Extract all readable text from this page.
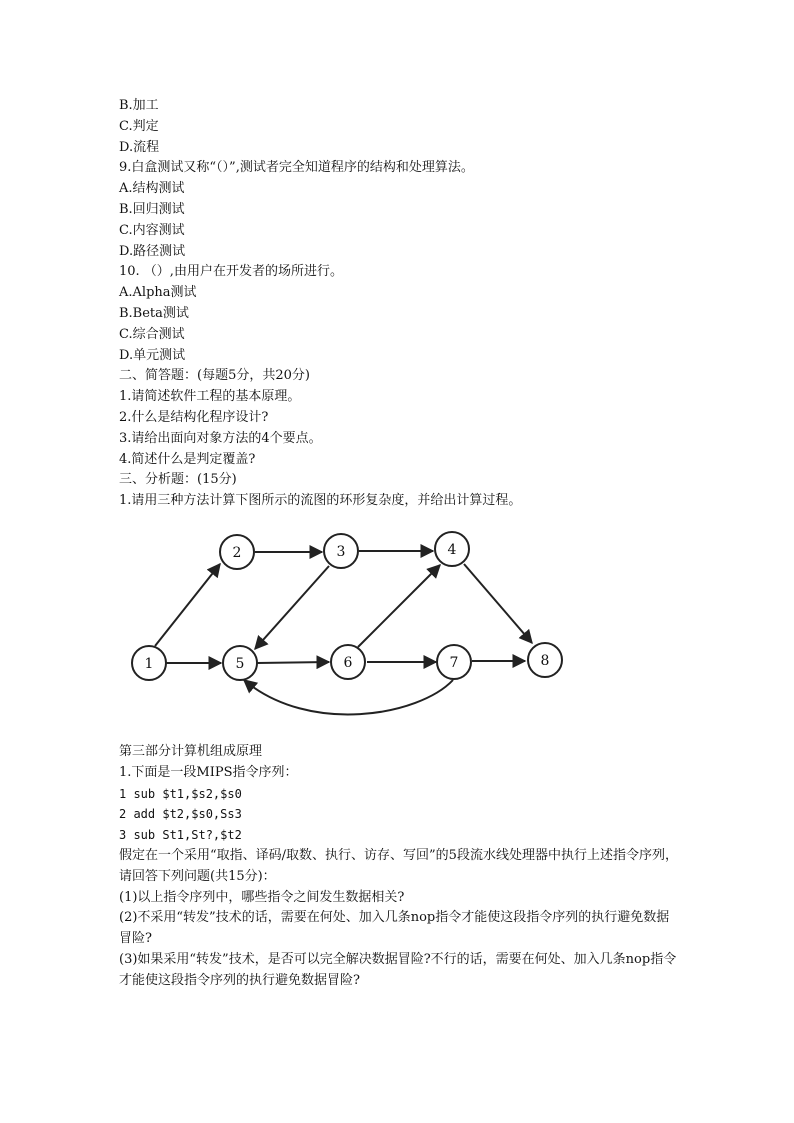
B.加工
C.判定
D.流程
9.白盒测试又称“（）”,测试者完全知道程序的结构和处理算法。
A.结构测试
B.回归测试
C.内容测试
D.路径测试
10. （）,由用户在开发者的场所进行。
A.Alpha测试
B.Beta测试
C.综合测试
D.单元测试
二、简答题：(每题5分，共20分)
1.请简述软件工程的基本原理。
2.什么是结构化程序设计?
3.请给出面向对象方法的4个要点。
4.简述什么是判定覆盖?
三、分析题：(15分)
1.请用三种方法计算下图所示的流图的环形复杂度，并给出计算过程。
1
2	3	4
5	6	7	8
第三部分计算机组成原理
1.下面是一段MIPS指令序列：
1 sub $t1,$s2,$s0
2 add $t2,$s0,Ss3
3 sub St1,St?,$t2
假定在一个采用“取指、译码/取数、执行、访存、写回”的5段流水线处理器中执行上述指令序列，请回答下列问题(共15分)：
(1)以上指令序列中，哪些指令之间发生数据相关?
(2)不采用“转发”技术的话，需要在何处、加入几条nop指令才能使这段指令序列的执行避免数据冒险?
(3)如果采用“转发”技术，是否可以完全解决数据冒险?不行的话，需要在何处、加入几条nop指令才能使这段指令序列的执行避免数据冒险?
